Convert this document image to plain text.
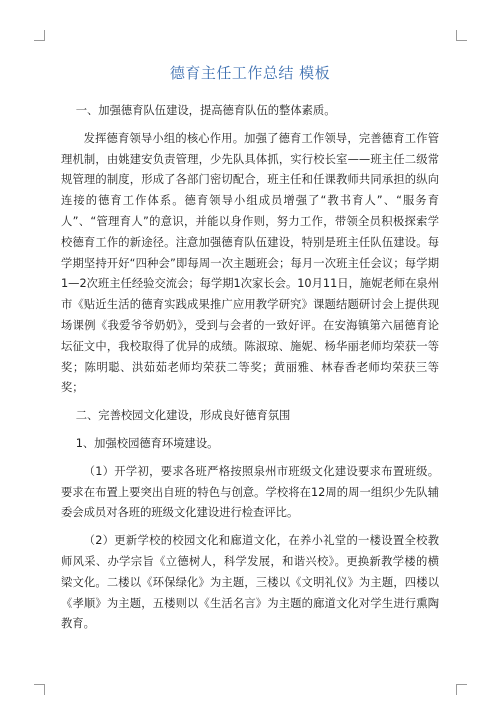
德育主任工作总结 模板

一、加强德育队伍建设，提高德育队伍的整体素质。

发挥德育领导小组的核心作用。加强了德育工作领导，完善德育工作管理机制，由姚建安负责管理，少先队具体抓，实行校长室——班主任二级常规管理的制度，形成了各部门密切配合，班主任和任课教师共同承担的纵向连接的德育工作体系。德育领导小组成员增强了“教书育人”、“服务育人”、“管理育人”的意识，并能以身作则，努力工作，带领全员积极探索学校德育工作的新途径。注意加强德育队伍建设，特别是班主任队伍建设。每学期坚持开好“四种会”即每周一次主题班会；每月一次班主任会议；每学期1—2次班主任经验交流会；每学期1次家长会。10月11日，施妮老师在泉州市《贴近生活的德育实践成果推广应用教学研究》课题结题研讨会上提供现场课例《我爱爷爷奶奶》，受到与会者的一致好评。在安海镇第六届德育论坛征文中，我校取得了优异的成绩。陈淑琼、施妮、杨华丽老师均荣获一等奖；陈明聪、洪茹茹老师均荣获二等奖；黄丽雅、林春香老师均荣获三等奖；

二、完善校园文化建设，形成良好德育氛围

1、加强校园德育环境建设。

（1）开学初，要求各班严格按照泉州市班级文化建设要求布置班级。要求在布置上要突出自班的特色与创意。学校将在12周的周一组织少先队辅委会成员对各班的班级文化建设进行检查评比。

（2）更新学校的校园文化和廊道文化，在养小礼堂的一楼设置全校教师风采、办学宗旨《立德树人，科学发展，和谐兴校》。更换新教学楼的横梁文化。二楼以《环保绿化》为主题，三楼以《文明礼仪》为主题，四楼以《孝顺》为主题，五楼则以《生活名言》为主题的廊道文化对学生进行熏陶教育。
